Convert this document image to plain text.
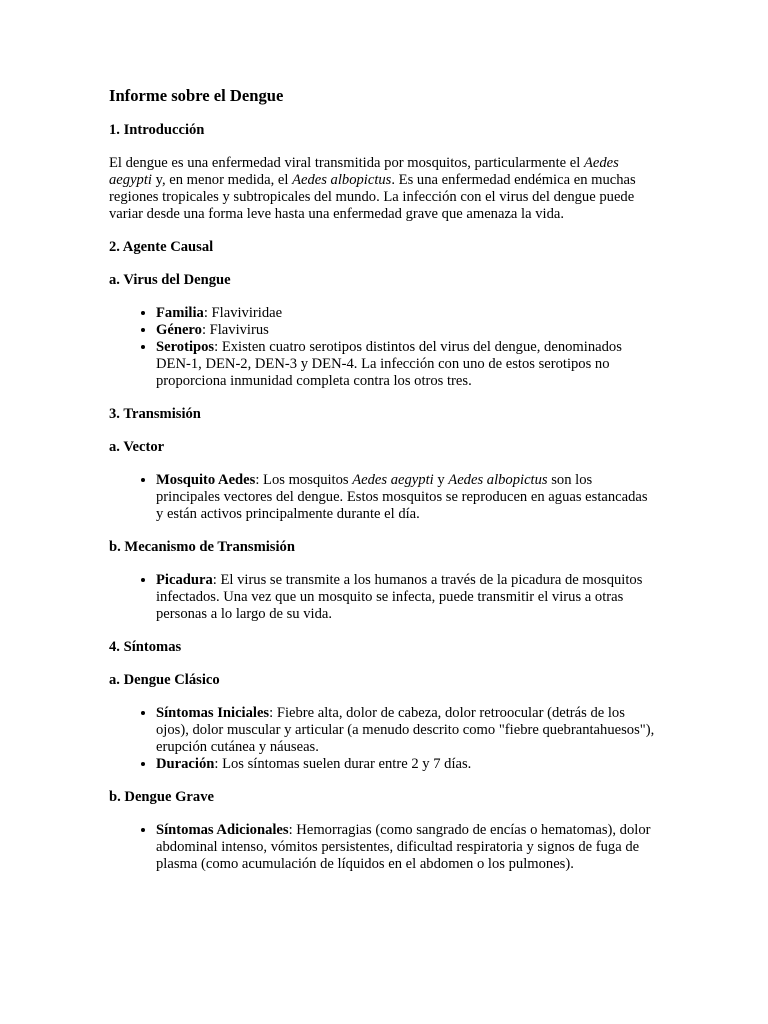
Informe sobre el Dengue
1. Introducción

El dengue es una enfermedad viral transmitida por mosquitos, particularmente el Aedes aegypti y, en menor medida, el Aedes albopictus. Es una enfermedad endémica en muchas regiones tropicales y subtropicales del mundo. La infección con el virus del dengue puede variar desde una forma leve hasta una enfermedad grave que amenaza la vida.

2. Agente Causal
a. Virus del Dengue
• Familia: Flaviviridae
• Género: Flavivirus
• Serotipos: Existen cuatro serotipos distintos del virus del dengue, denominados DEN-1, DEN-2, DEN-3 y DEN-4. La infección con uno de estos serotipos no proporciona inmunidad completa contra los otros tres.
3. Transmisión
a. Vector
• Mosquito Aedes: Los mosquitos Aedes aegypti y Aedes albopictus son los principales vectores del dengue. Estos mosquitos se reproducen en aguas estancadas y están activos principalmente durante el día.
b. Mecanismo de Transmisión
• Picadura: El virus se transmite a los humanos a través de la picadura de mosquitos infectados. Una vez que un mosquito se infecta, puede transmitir el virus a otras personas a lo largo de su vida.
4. Síntomas
a. Dengue Clásico
• Síntomas Iniciales: Fiebre alta, dolor de cabeza, dolor retroocular (detrás de los ojos), dolor muscular y articular (a menudo descrito como "fiebre quebrantahuesos"), erupción cutánea y náuseas.
• Duración: Los síntomas suelen durar entre 2 y 7 días.
b. Dengue Grave
• Síntomas Adicionales: Hemorragias (como sangrado de encías o hematomas), dolor abdominal intenso, vómitos persistentes, dificultad respiratoria y signos de fuga de plasma (como acumulación de líquidos en el abdomen o los pulmones).
